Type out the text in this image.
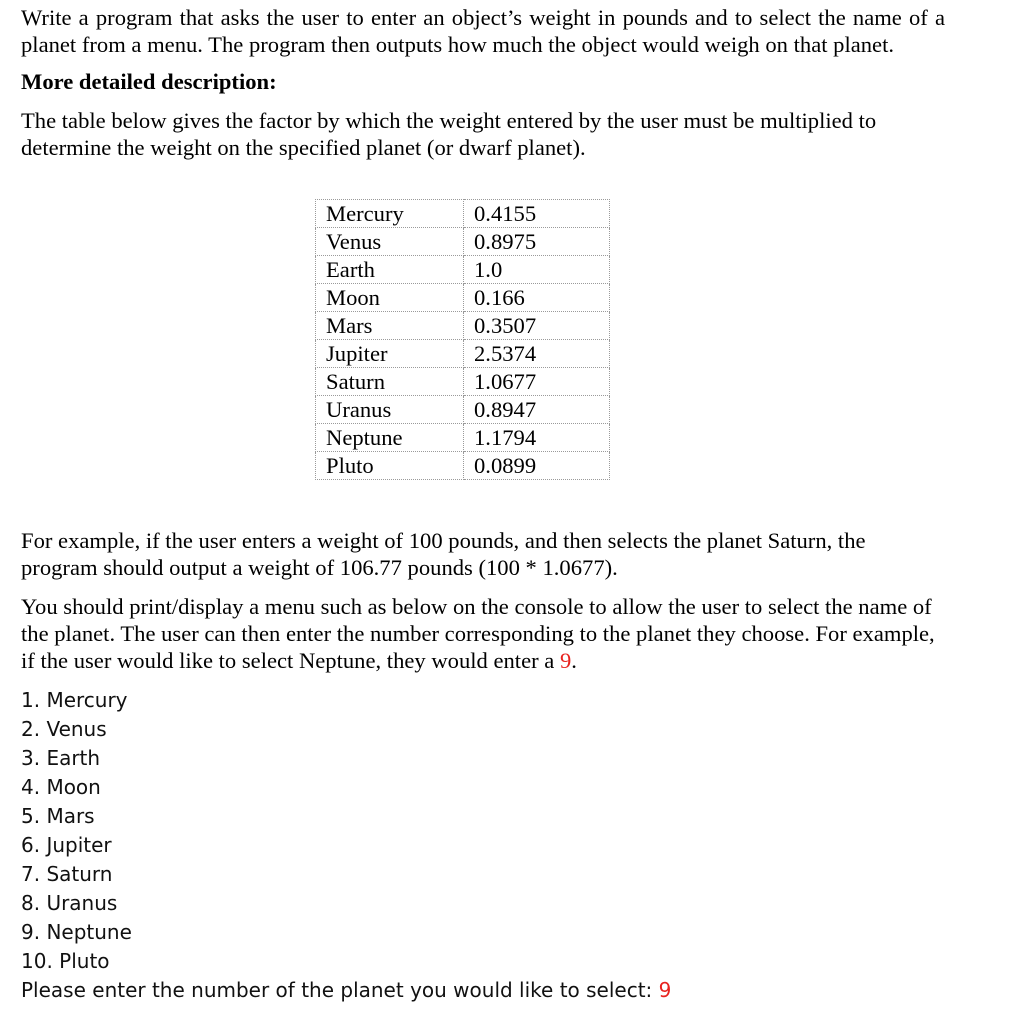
Write a program that asks the user to enter an object’s weight in pounds and to select the name of a planet from a menu. The program then outputs how much the object would weigh on that planet.

More detailed description:

The table below gives the factor by which the weight entered by the user must be multiplied to determine the weight on the specified planet (or dwarf planet).

Mercury	0.4155
Venus	0.8975
Earth	1.0
Moon	0.166
Mars	0.3507
Jupiter	2.5374
Saturn	1.0677
Uranus	0.8947
Neptune	1.1794
Pluto	0.0899

For example, if the user enters a weight of 100 pounds, and then selects the planet Saturn, the program should output a weight of 106.77 pounds (100 * 1.0677).

You should print/display a menu such as below on the console to allow the user to select the name of the planet. The user can then enter the number corresponding to the planet they choose. For example, if the user would like to select Neptune, they would enter a 9.

1. Mercury
2. Venus
3. Earth
4. Moon
5. Mars
6. Jupiter
7. Saturn
8. Uranus
9. Neptune
10. Pluto
Please enter the number of the planet you would like to select: 9
